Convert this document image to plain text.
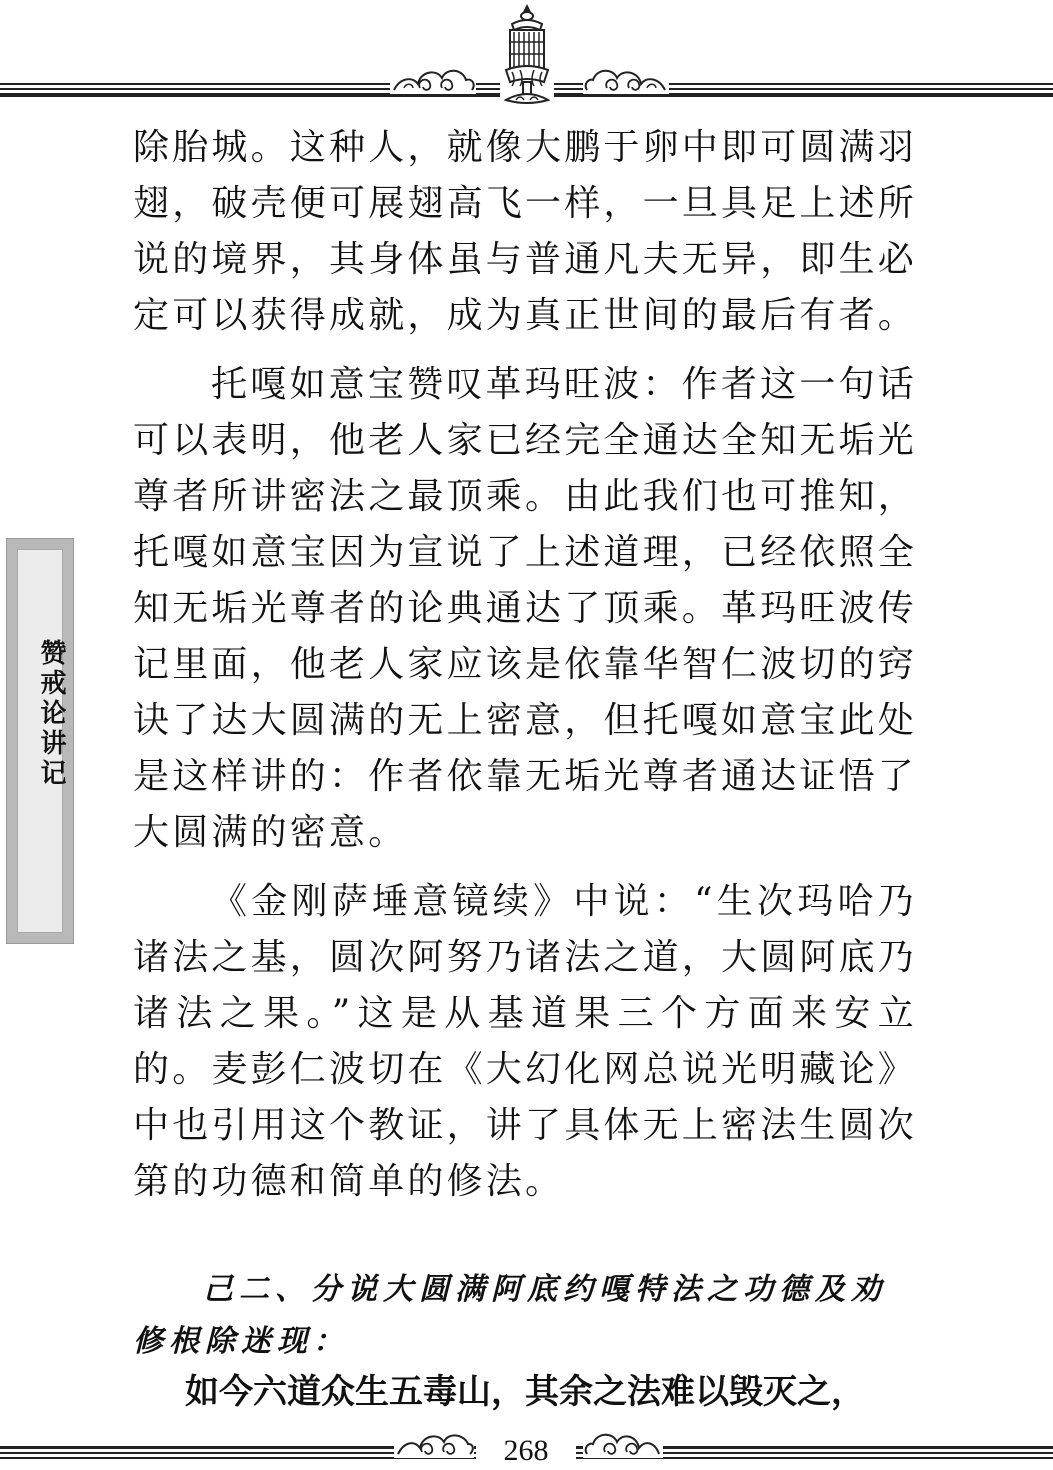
赞戒论讲记

除胎城。这种人，就像大鹏于卵中即可圆满羽翅，破壳便可展翅高飞一样，一旦具足上述所说的境界，其身体虽与普通凡夫无异，即生必定可以获得成就，成为真正世间的最后有者。

托嘎如意宝赞叹革玛旺波：作者这一句话可以表明，他老人家已经完全通达全知无垢光尊者所讲密法之最顶乘。由此我们也可推知，托嘎如意宝因为宣说了上述道理，已经依照全知无垢光尊者的论典通达了顶乘。革玛旺波传记里面，他老人家应该是依靠华智仁波切的窍诀了达大圆满的无上密意，但托嘎如意宝此处是这样讲的：作者依靠无垢光尊者通达证悟了大圆满的密意。

《金刚萨埵意镜续》中说：“生次玛哈乃诸法之基，圆次阿努乃诸法之道，大圆阿底乃诸法之果。”这是从基道果三个方面来安立的。麦彭仁波切在《大幻化网总说光明藏论》中也引用这个教证，讲了具体无上密法生圆次第的功德和简单的修法。

己二、分说大圆满阿底约嘎特法之功德及劝修根除迷现：
如今六道众生五毒山，其余之法难以毁灭之，
268
